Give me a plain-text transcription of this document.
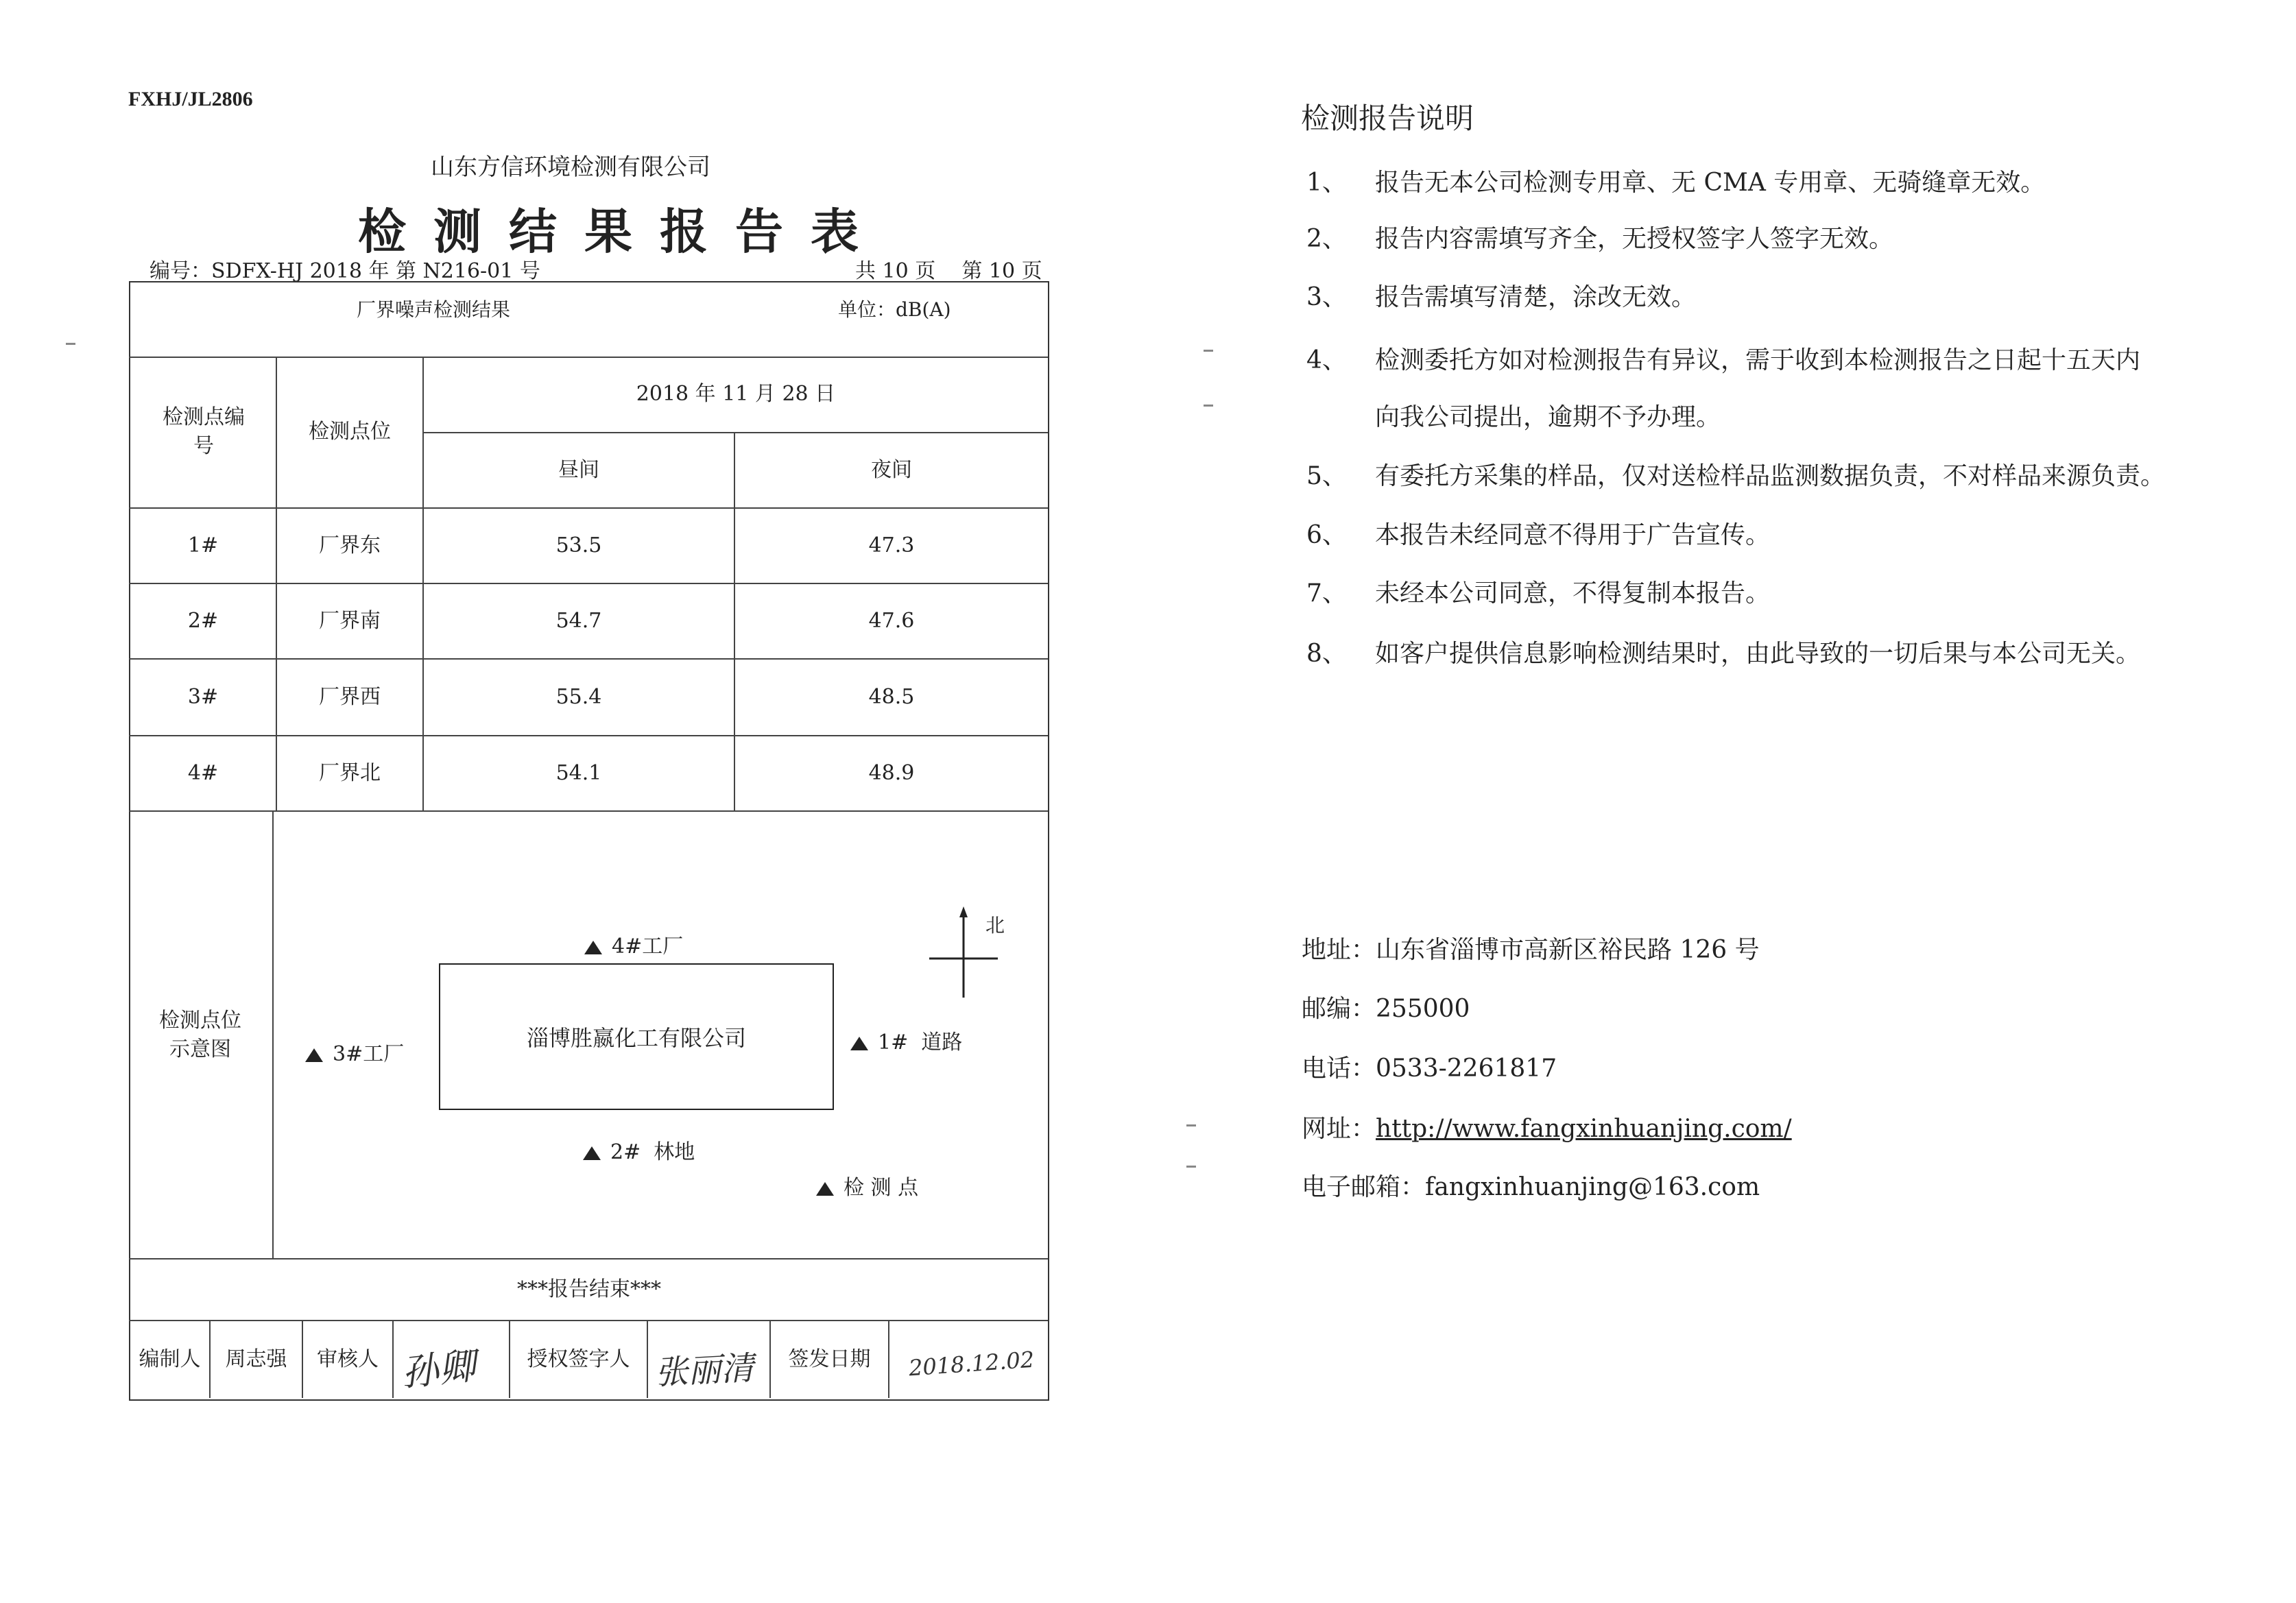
FXHJ/JL2806
山东方信环境检测有限公司
检测结果报告表
编号：SDFX-HJ 2018 年 第 N216-01 号	共 10 页    第 10 页
厂界噪声检测结果	单位：dB(A)
检测点编号
检测点位
2018 年 11 月 28 日
昼间	夜间
1#	厂界东	53.5	47.3
2#	厂界南	54.7	47.6
3#	厂界西	55.4	48.5
4#	厂界北	54.1	48.9
检测点位示意图
4#工厂
淄博胜嬴化工有限公司
3#工厂	1#  道路
2#  林地
检 测 点
北
***报告结束***
编制人	周志强	审核人 孙卿	授权签字人 张丽清	签发日期	2018.12.02
检测报告说明
1、 报告无本公司检测专用章、无 CMA 专用章、无骑缝章无效。
2、 报告内容需填写齐全，无授权签字人签字无效。
3、 报告需填写清楚，涂改无效。
4、 检测委托方如对检测报告有异议，需于收到本检测报告之日起十五天内
向我公司提出，逾期不予办理。
5、 有委托方采集的样品，仅对送检样品监测数据负责，不对样品来源负责。
6、 本报告未经同意不得用于广告宣传。
7、 未经本公司同意，不得复制本报告。
8、 如客户提供信息影响检测结果时，由此导致的一切后果与本公司无关。
地址：山东省淄博市高新区裕民路 126 号
邮编：255000
电话：0533-2261817
网址：http://www.fangxinhuanjing.com/
电子邮箱：fangxinhuanjing@163.com
